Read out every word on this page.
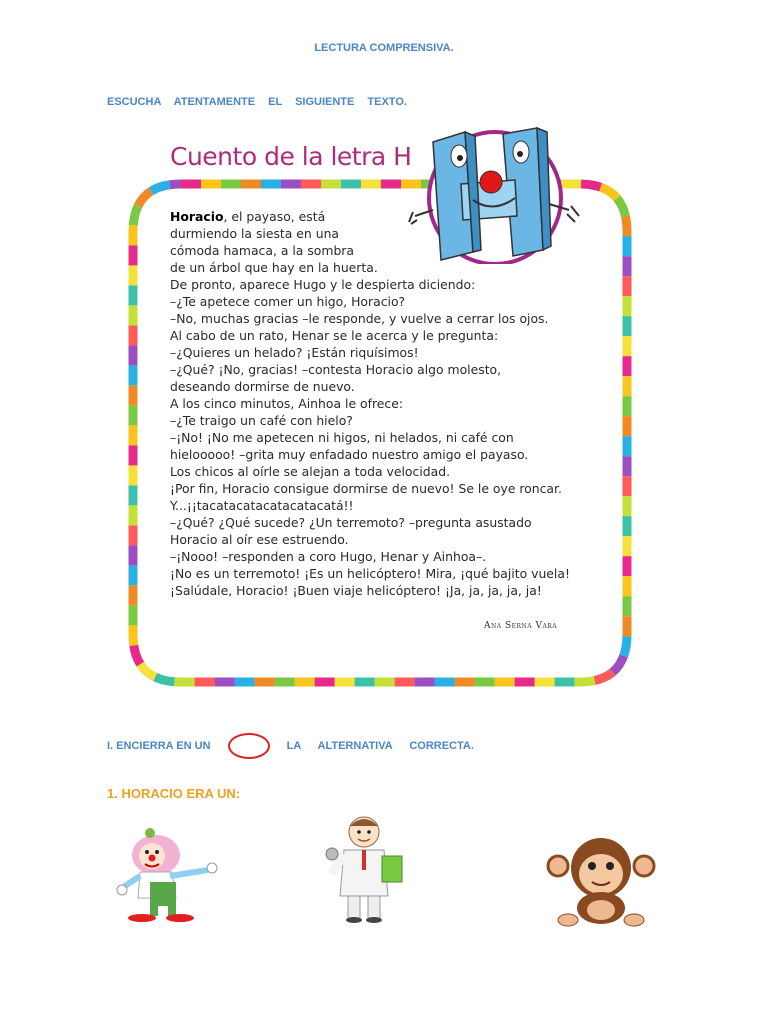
LECTURA COMPRENSIVA.
ESCUCHA ATENTAMENTE EL SIGUIENTE TEXTO.
Cuento de la letra H
Horacio, el payaso, está
durmiendo la siesta en una
cómoda hamaca, a la sombra
de un árbol que hay en la huerta.
De pronto, aparece Hugo y le despierta diciendo:
–¿Te apetece comer un higo, Horacio?
–No, muchas gracias –le responde, y vuelve a cerrar los ojos.
Al cabo de un rato, Henar se le acerca y le pregunta:
–¿Quieres un helado? ¡Están riquísimos!
–¿Qué? ¡No, gracias! –contesta Horacio algo molesto,
deseando dormirse de nuevo.
A los cinco minutos, Ainhoa le ofrece:
–¿Te traigo un café con hielo?
–¡No! ¡No me apetecen ni higos, ni helados, ni café con
hielooooo! –grita muy enfadado nuestro amigo el payaso.
Los chicos al oírle se alejan a toda velocidad.
¡Por fin, Horacio consigue dormirse de nuevo! Se le oye roncar.
Y...¡¡tacatacatacatacatacatá!!
–¿Qué? ¿Qué sucede? ¿Un terremoto? –pregunta asustado
Horacio al oír ese estruendo.
–¡Nooo! –responden a coro Hugo, Henar y Ainhoa–.
¡No es un terremoto! ¡Es un helicóptero! Mira, ¡qué bajito vuela!
¡Salúdale, Horacio! ¡Buen viaje helicóptero! ¡Ja, ja, ja, ja, ja!
Ana Serna Vara
I. ENCIERRA EN UN	LA ALTERNATIVA CORRECTA.
1. HORACIO ERA UN:
